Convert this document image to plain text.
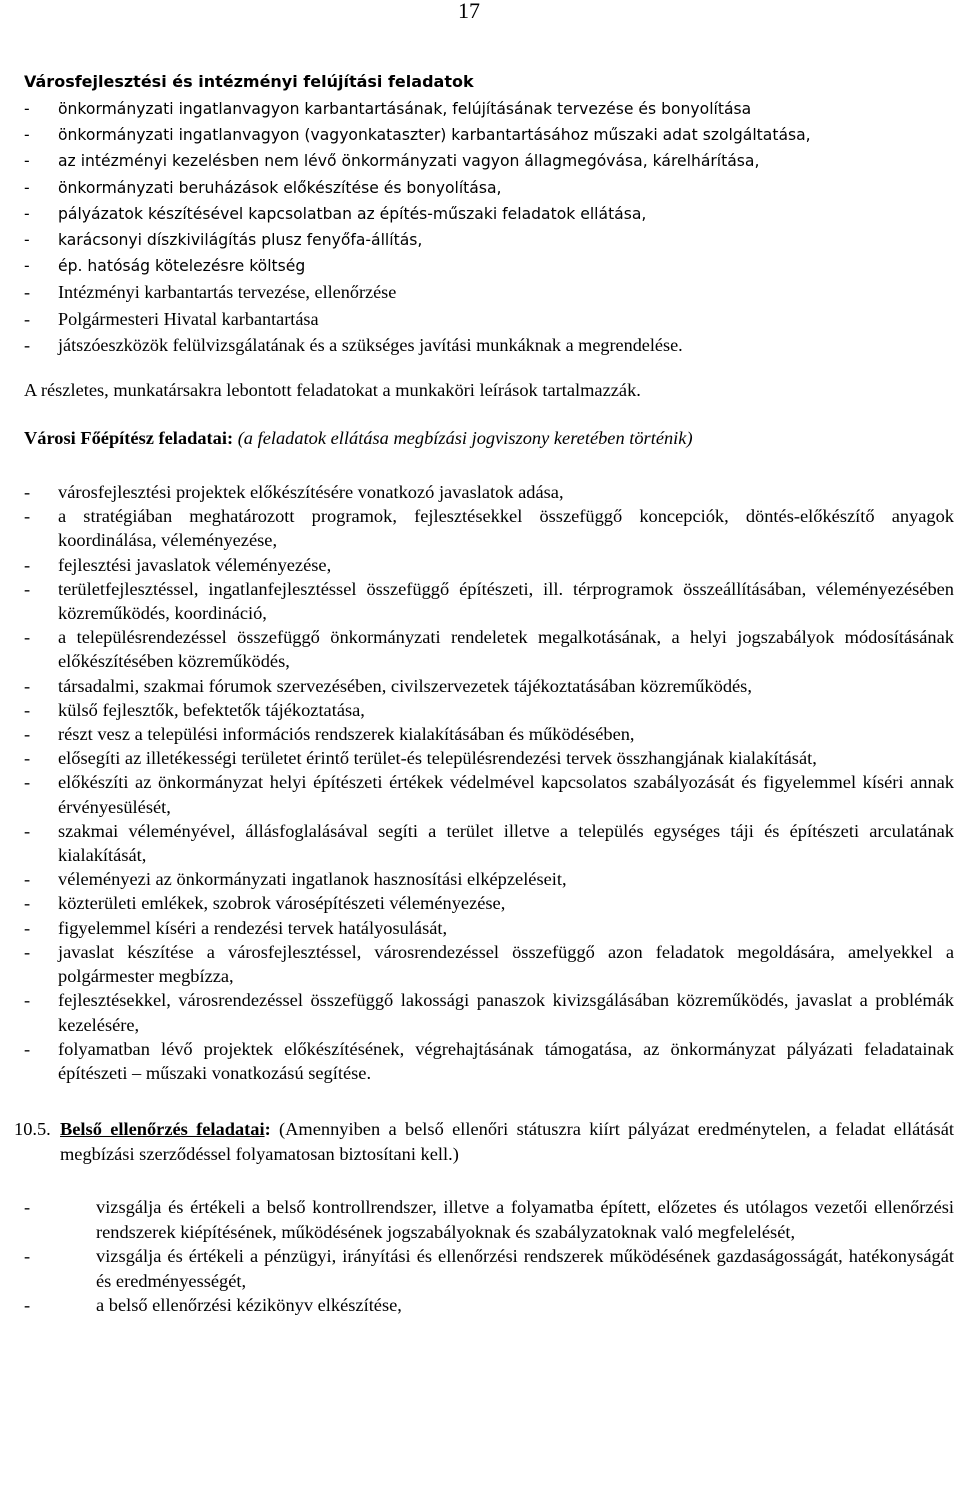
17
Városfejlesztési és intézményi felújítási feladatok
- önkormányzati ingatlanvagyon karbantartásának, felújításának tervezése és bonyolítása
- önkormányzati ingatlanvagyon (vagyonkataszter) karbantartásához műszaki adat szolgáltatása,
- az intézményi kezelésben nem lévő önkormányzati vagyon állagmegóvása, kárelhárítása,
- önkormányzati beruházások előkészítése és bonyolítása,
- pályázatok készítésével kapcsolatban az építés-műszaki feladatok ellátása,
- karácsonyi díszkivilágítás plusz fenyőfa-állítás,
- ép. hatóság kötelezésre költség
- Intézményi karbantartás tervezése, ellenőrzése
- Polgármesteri Hivatal karbantartása
- játszóeszközök felülvizsgálatának és a szükséges javítási munkáknak a megrendelése.

A részletes, munkatársakra lebontott feladatokat a munkaköri leírások tartalmazzák.

Városi Főépítész feladatai: (a feladatok ellátása megbízási jogviszony keretében történik)

- városfejlesztési projektek előkészítésére vonatkozó javaslatok adása,
- a stratégiában meghatározott programok, fejlesztésekkel összefüggő koncepciók, döntés-előkészítő anyagok koordinálása, véleményezése,
- fejlesztési javaslatok véleményezése,
- területfejlesztéssel, ingatlanfejlesztéssel összefüggő építészeti, ill. térprogramok összeállításában, véleményezésében közreműködés, koordináció,
- a településrendezéssel összefüggő önkormányzati rendeletek megalkotásának, a helyi jogszabályok módosításának előkészítésében közreműködés,
- társadalmi, szakmai fórumok szervezésében, civilszervezetek tájékoztatásában közreműködés,
- külső fejlesztők, befektetők tájékoztatása,
- részt vesz a települési információs rendszerek kialakításában és működésében,
- elősegíti az illetékességi területet érintő terület-és településrendezési tervek összhangjának kialakítását,
- előkészíti az önkormányzat helyi építészeti értékek védelmével kapcsolatos szabályozását és figyelemmel kíséri annak érvényesülését,
- szakmai véleményével, állásfoglalásával segíti a terület illetve a település egységes táji és építészeti arculatának kialakítását,
- véleményezi az önkormányzati ingatlanok hasznosítási elképzeléseit,
- közterületi emlékek, szobrok városépítészeti véleményezése,
- figyelemmel kíséri a rendezési tervek hatályosulását,
- javaslat készítése a városfejlesztéssel, városrendezéssel összefüggő azon feladatok megoldására, amelyekkel a polgármester megbízza,
- fejlesztésekkel, városrendezéssel összefüggő lakossági panaszok kivizsgálásában közreműködés, javaslat a problémák kezelésére,
- folyamatban lévő projektek előkészítésének, végrehajtásának támogatása, az önkormányzat pályázati feladatainak építészeti – műszaki vonatkozású segítése.
10.5. Belső ellenőrzés feladatai: (Amennyiben a belső ellenőri státuszra kiírt pályázat eredménytelen, a feladat ellátását megbízási szerződéssel folyamatosan biztosítani kell.)
-	vizsgálja és értékeli a belső kontrollrendszer, illetve a folyamatba épített, előzetes és utólagos vezetői ellenőrzési rendszerek kiépítésének, működésének jogszabályoknak és szabályzatoknak való megfelelését,
-	vizsgálja és értékeli a pénzügyi, irányítási és ellenőrzési rendszerek működésének gazdaságosságát, hatékonyságát és eredményességét,
-	a belső ellenőrzési kézikönyv elkészítése,
